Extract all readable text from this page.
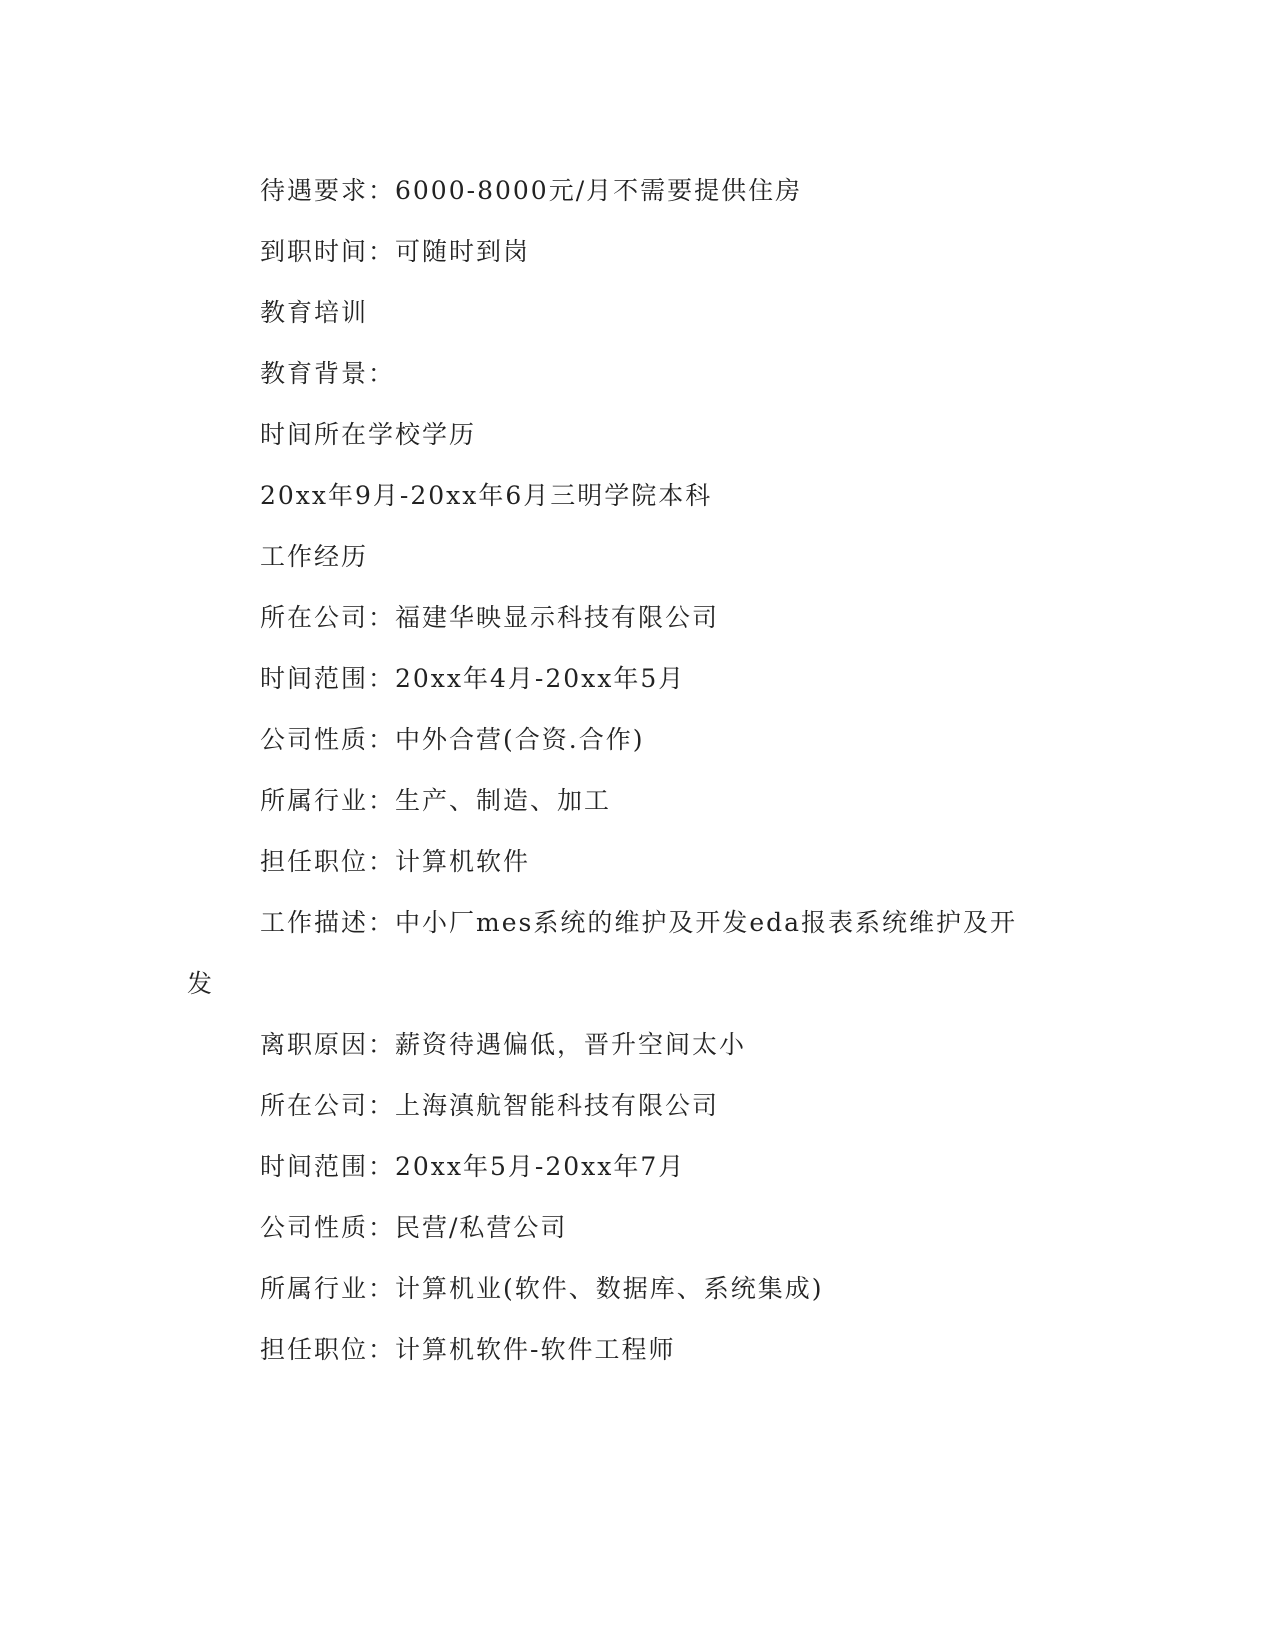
待遇要求：6000-8000元/月不需要提供住房
到职时间：可随时到岗
教育培训
教育背景：
时间所在学校学历
20xx年9月-20xx年6月三明学院本科
工作经历
所在公司：福建华映显示科技有限公司
时间范围：20xx年4月-20xx年5月
公司性质：中外合营(合资.合作)
所属行业：生产、制造、加工
担任职位：计算机软件
工作描述：中小厂mes系统的维护及开发eda报表系统维护及开
发
离职原因：薪资待遇偏低，晋升空间太小
所在公司：上海滇航智能科技有限公司
时间范围：20xx年5月-20xx年7月
公司性质：民营/私营公司
所属行业：计算机业(软件、数据库、系统集成)
担任职位：计算机软件-软件工程师
